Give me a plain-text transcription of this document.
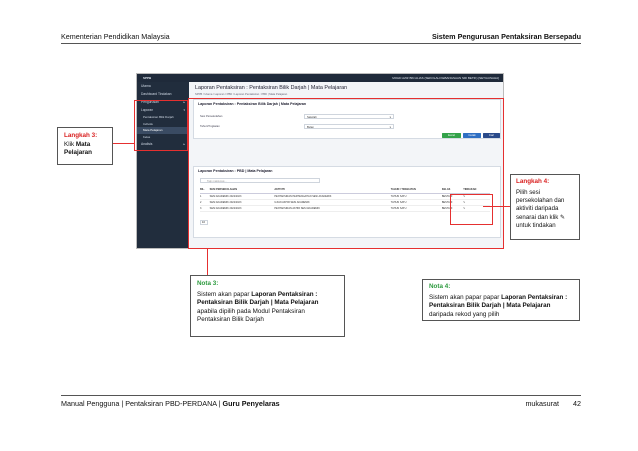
Kementerian Pendidikan Malaysia	Sistem Pengurusan Pentaksiran Bersepadu
SPPB	MOHD AZIZ BIN ALIAS (SEKOLAH KEBANGSAAN SRI BETIK) [SETIAUSAHA]
Utama
Dashboard Tindakan
Pengurusan	▸
Laporan	▾
Pentaksiran Bilik Darjah
Individu
Mata Pelajaran
Kelas
Analisis	▸
Laporan Pentaksiran : Pentaksiran Bilik Darjah | Mata Pelajaran
SPPB / Utama / Laporan / PBD / Laporan Pentaksiran : PBD | Mata Pelajaran
Laporan Pentaksiran : Pentaksiran Bilik Darjah | Mata Pelajaran
Sesi Persekolahan	Sekolah	▾
Tahun/Tingkatan	Bulan	▾
Excel	Cetak	Cari
Laporan Pentaksiran : PBD | Mata Pelajaran
Taip maklumat...
BIL.	SESI PERSEKOLAHAN	AKTIVITI	TAHUN / TINGKATAN	KELAS	TINDAKAN
1	SESI AKADEMIK 2022/2023	PENTAKSIRAN PERTENGAHAN SESI AKADEMIK	TAHUN SATU	BESTARI	✎
2	SESI AKADEMIK 2022/2023	UJIAN AKHIR SESI AKADEMIK	TAHUN SATU	BESTARI	✎
3	SESI AKADEMIK 2022/2023	PENTAKSIRAN AKHIR SESI AKADEMIK	TAHUN SATU	BESTARI	✎
10
Langkah 3:
Klik Mata Pelajaran
Langkah 4:
Pilih sesi persekolahan dan aktiviti daripada senarai dan klik ✎ untuk tindakan
Nota 3:
Sistem akan papar Laporan Pentaksiran : Pentaksiran Bilik Darjah | Mata Pelajaran apabila dipilih pada Modul Pentaksiran Pentaksiran Bilik Darjah
Nota 4:
Sistem akan papar papar Laporan Pentaksiran : Pentaksiran Bilik Darjah | Mata Pelajaran daripada rekod yang pilih
Manual Pengguna | Pentaksiran PBD-PERDANA | Guru Penyelaras	mukasurat 42
